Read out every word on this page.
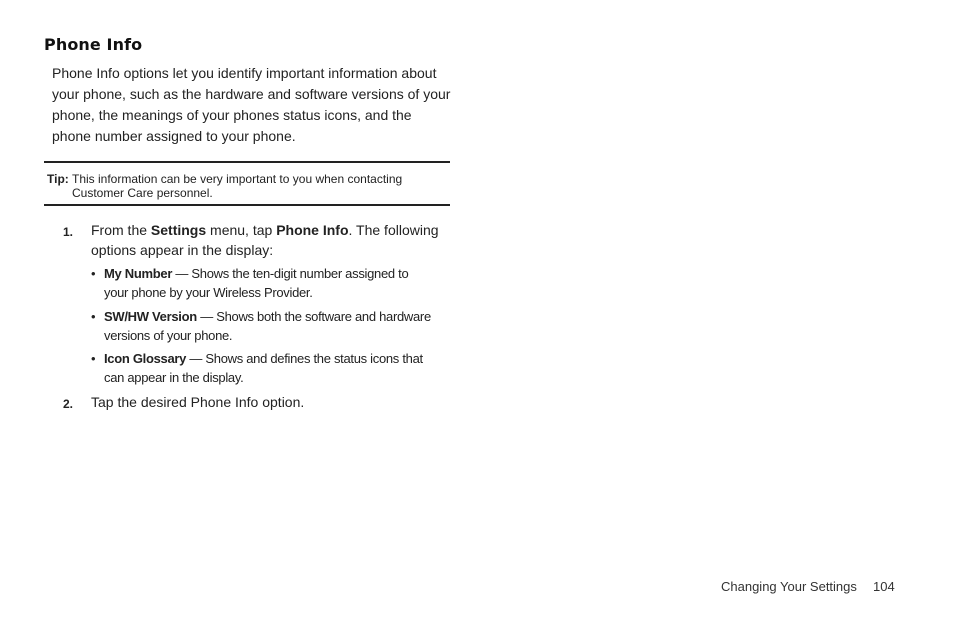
Phone Info
Phone Info options let you identify important information about your phone, such as the hardware and software versions of your phone, the meanings of your phones status icons, and the phone number assigned to your phone.
Tip: This information can be very important to you when contacting Customer Care personnel.
1. From the Settings menu, tap Phone Info. The following options appear in the display:
• My Number — Shows the ten-digit number assigned to your phone by your Wireless Provider.
• SW/HW Version — Shows both the software and hardware versions of your phone.
• Icon Glossary — Shows and defines the status icons that can appear in the display.
2. Tap the desired Phone Info option.
Changing Your Settings 104
